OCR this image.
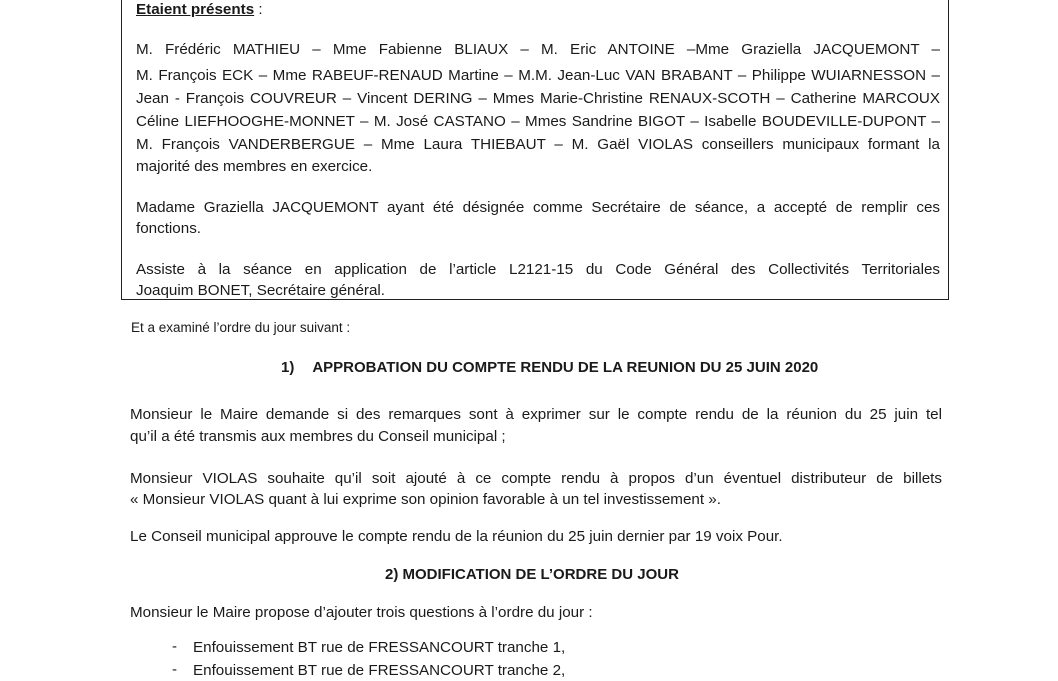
Etaient présents :
M. Frédéric MATHIEU – Mme Fabienne BLIAUX – M. Eric ANTOINE –Mme Graziella JACQUEMONT –
M. François ECK – Mme RABEUF-RENAUD Martine – M.M. Jean-Luc VAN BRABANT – Philippe WUIARNESSON –
Jean - François COUVREUR – Vincent DERING – Mmes Marie-Christine RENAUX-SCOTH – Catherine MARCOUX
Céline LIEFHOOGHE-MONNET – M. José CASTANO – Mmes Sandrine BIGOT – Isabelle BOUDEVILLE-DUPONT –
M. François VANDERBERGUE – Mme Laura THIEBAUT – M. Gaël VIOLAS conseillers municipaux formant la
majorité des membres en exercice.
Madame Graziella JACQUEMONT ayant été désignée comme Secrétaire de séance, a accepté de remplir ces
fonctions.
Assiste à la séance en application de l’article L2121-15 du Code Général des Collectivités Territoriales
Joaquim BONET, Secrétaire général.
Et a examiné l’ordre du jour suivant :
1) APPROBATION DU COMPTE RENDU DE LA REUNION DU 25 JUIN 2020
Monsieur le Maire demande si des remarques sont à exprimer sur le compte rendu de la réunion du 25 juin tel
qu’il a été transmis aux membres du Conseil municipal ;
Monsieur VIOLAS souhaite qu’il soit ajouté à ce compte rendu à propos d’un éventuel distributeur de billets
« Monsieur VIOLAS quant à lui exprime son opinion favorable à un tel investissement ».
Le Conseil municipal approuve le compte rendu de la réunion du 25 juin dernier par 19 voix Pour.
2) MODIFICATION DE L’ORDRE DU JOUR
Monsieur le Maire propose d’ajouter trois questions à l’ordre du jour :
- Enfouissement BT rue de FRESSANCOURT tranche 1,
- Enfouissement BT rue de FRESSANCOURT tranche 2,
